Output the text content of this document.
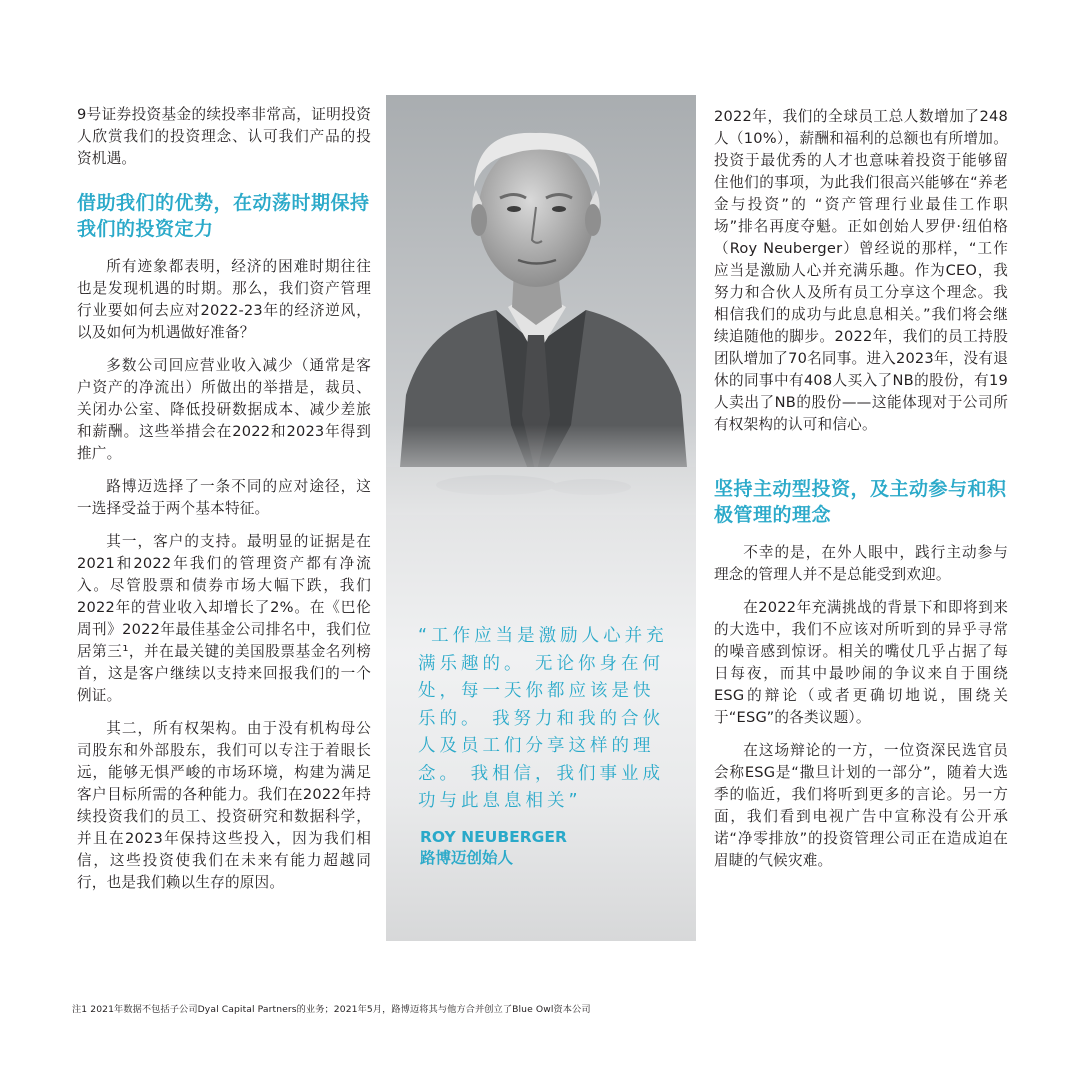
9号证券投资基金的续投率非常高，证明投资人欣赏我们的投资理念、认可我们产品的投资机遇。

借助我们的优势，在动荡时期保持我们的投资定力

所有迹象都表明，经济的困难时期往往也是发现机遇的时期。那么，我们资产管理行业要如何去应对2022-23年的经济逆风，以及如何为机遇做好准备？

多数公司回应营业收入减少（通常是客户资产的净流出）所做出的举措是，裁员、关闭办公室、降低投研数据成本、减少差旅和薪酬。这些举措会在2022和2023年得到推广。

路博迈选择了一条不同的应对途径，这一选择受益于两个基本特征。

其一，客户的支持。最明显的证据是在2021和2022年我们的管理资产都有净流入。尽管股票和债券市场大幅下跌，我们2022年的营业收入却增长了2%。在《巴伦周刊》2022年最佳基金公司排名中，我们位居第三¹，并在最关键的美国股票基金名列榜首，这是客户继续以支持来回报我们的一个例证。

其二，所有权架构。由于没有机构母公司股东和外部股东，我们可以专注于着眼长远，能够无惧严峻的市场环境，构建为满足客户目标所需的各种能力。我们在2022年持续投资我们的员工、投资研究和数据科学，并且在2023年保持这些投入，因为我们相信，这些投资使我们在未来有能力超越同行，也是我们赖以生存的原因。

“工作应当是激励人心并充满乐趣的。 无论你身在何处，每一天你都应该是快乐的。 我努力和我的合伙人及员工们分享这样的理念。 我相信，我们事业成功与此息息相关”

ROY NEUBERGER
路博迈创始人

2022年，我们的全球员工总人数增加了248人（10%），薪酬和福利的总额也有所增加。投资于最优秀的人才也意味着投资于能够留住他们的事项，为此我们很高兴能够在“养老金与投资”的 “资产管理行业最佳工作职场”排名再度夺魁。正如创始人罗伊·纽伯格（Roy Neuberger）曾经说的那样，“工作应当是激励人心并充满乐趣。作为CEO，我努力和合伙人及所有员工分享这个理念。我相信我们的成功与此息息相关。”我们将会继续追随他的脚步。2022年，我们的员工持股团队增加了70名同事。进入2023年，没有退休的同事中有408人买入了NB的股份，有19人卖出了NB的股份——这能体现对于公司所有权架构的认可和信心。

坚持主动型投资，及主动参与和积极管理的理念

不幸的是，在外人眼中，践行主动参与理念的管理人并不是总能受到欢迎。

在2022年充满挑战的背景下和即将到来的大选中，我们不应该对所听到的异乎寻常的噪音感到惊讶。相关的嘴仗几乎占据了每日每夜，而其中最吵闹的争议来自于围绕ESG的辩论（或者更确切地说，围绕关于“ESG”的各类议题）。

在这场辩论的一方，一位资深民选官员会称ESG是“撒旦计划的一部分”，随着大选季的临近，我们将听到更多的言论。另一方面，我们看到电视广告中宣称没有公开承诺“净零排放”的投资管理公司正在造成迫在眉睫的气候灾难。

注1 2021年数据不包括子公司Dyal Capital Partners的业务；2021年5月，路博迈将其与他方合并创立了Blue Owl资本公司
